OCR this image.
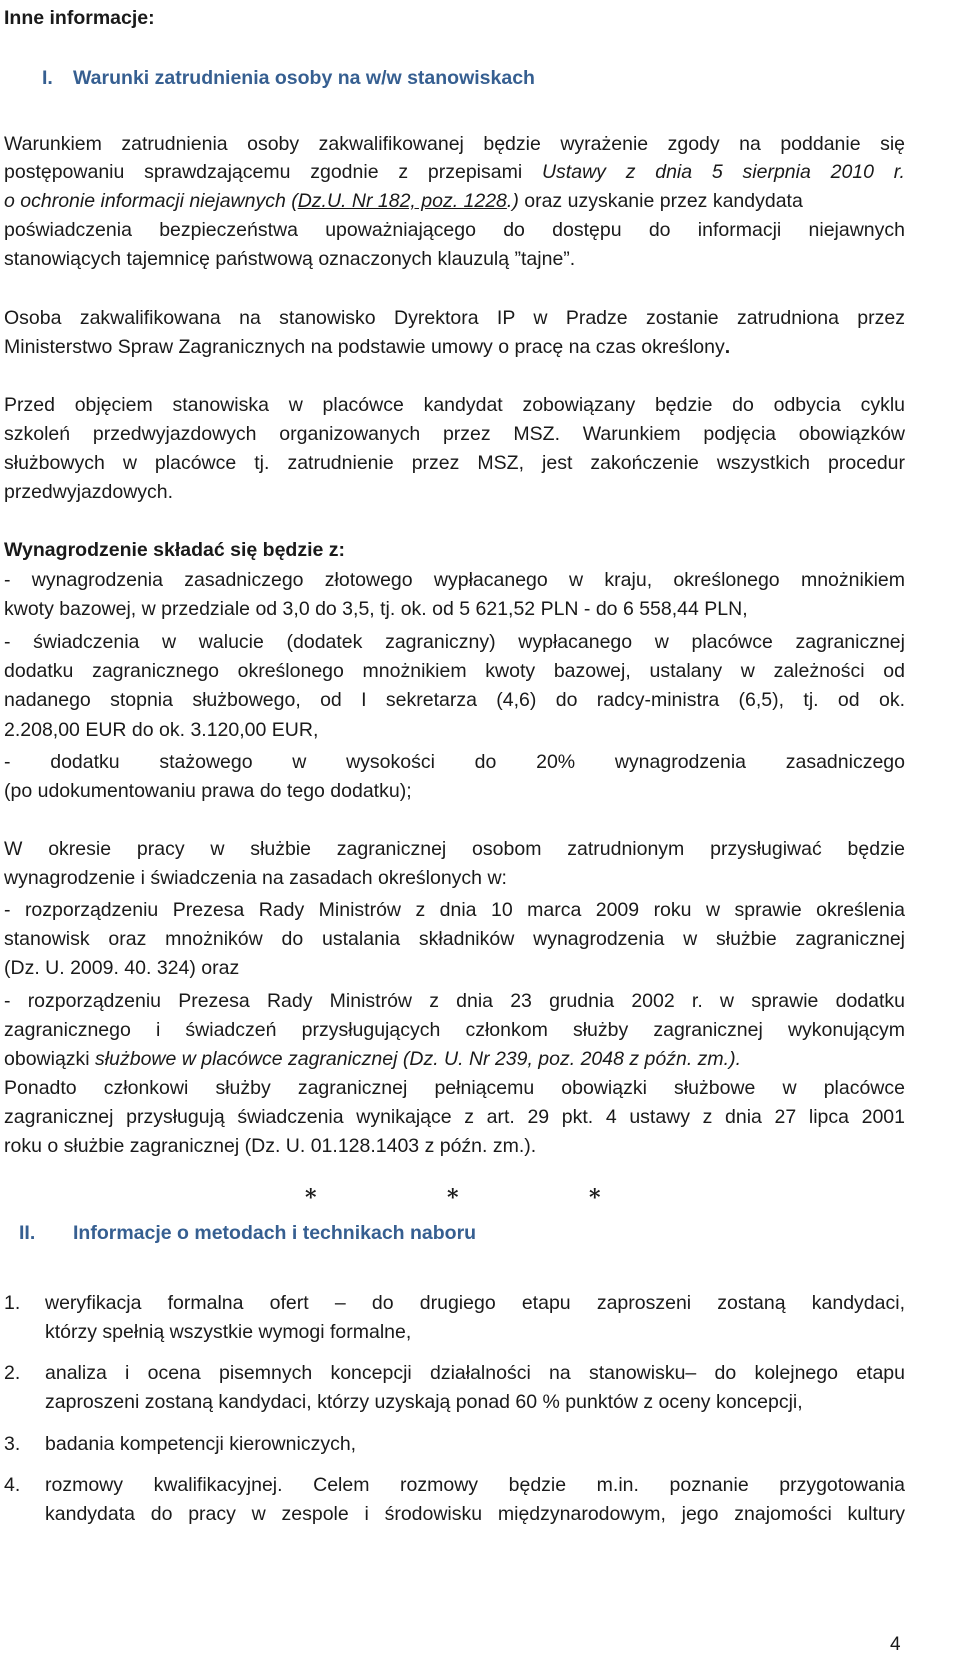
Inne informacje:
I. Warunki zatrudnienia osoby na w/w stanowiskach
Warunkiem zatrudnienia osoby zakwalifikowanej będzie wyrażenie zgody na poddanie się
postępowaniu sprawdzającemu zgodnie z przepisami Ustawy z dnia 5 sierpnia 2010 r.
o ochronie informacji niejawnych (Dz.U. Nr 182, poz. 1228.) oraz uzyskanie przez kandydata
poświadczenia bezpieczeństwa upoważniającego do dostępu do informacji niejawnych
stanowiących tajemnicę państwową oznaczonych klauzulą ”tajne”.
Osoba zakwalifikowana na stanowisko Dyrektora IP w Pradze zostanie zatrudniona przez
Ministerstwo Spraw Zagranicznych na podstawie umowy o pracę na czas określony.
Przed objęciem stanowiska w placówce kandydat zobowiązany będzie do odbycia cyklu
szkoleń przedwyjazdowych organizowanych przez MSZ. Warunkiem podjęcia obowiązków
służbowych w placówce tj. zatrudnienie przez MSZ, jest zakończenie wszystkich procedur
przedwyjazdowych.
Wynagrodzenie składać się będzie z:
- wynagrodzenia zasadniczego złotowego wypłacanego w kraju, określonego mnożnikiem
kwoty bazowej, w przedziale od 3,0 do 3,5, tj. ok. od 5 621,52 PLN - do 6 558,44 PLN,
- świadczenia w walucie (dodatek zagraniczny) wypłacanego w placówce zagranicznej
dodatku zagranicznego określonego mnożnikiem kwoty bazowej, ustalany w zależności od
nadanego stopnia służbowego, od I sekretarza (4,6) do radcy-ministra (6,5), tj. od ok.
2.208,00 EUR do ok. 3.120,00 EUR,
- dodatku stażowego w wysokości do 20% wynagrodzenia zasadniczego
(po udokumentowaniu prawa do tego dodatku);
W okresie pracy w służbie zagranicznej osobom zatrudnionym przysługiwać będzie
wynagrodzenie i świadczenia na zasadach określonych w:
- rozporządzeniu Prezesa Rady Ministrów z dnia 10 marca 2009 roku w sprawie określenia
stanowisk oraz mnożników do ustalania składników wynagrodzenia w służbie zagranicznej
(Dz. U. 2009. 40. 324) oraz
- rozporządzeniu Prezesa Rady Ministrów z dnia 23 grudnia 2002 r. w sprawie dodatku
zagranicznego i świadczeń przysługujących członkom służby zagranicznej wykonującym
obowiązki służbowe w placówce zagranicznej (Dz. U. Nr 239, poz. 2048 z późn. zm.).
Ponadto członkowi służby zagranicznej pełniącemu obowiązki służbowe w placówce
zagranicznej przysługują świadczenia wynikające z art. 29 pkt. 4 ustawy z dnia 27 lipca 2001
roku o służbie zagranicznej (Dz. U. 01.128.1403 z późn. zm.).
*	*	*
II. Informacje o metodach i technikach naboru
1. weryfikacja formalna ofert – do drugiego etapu zaproszeni zostaną kandydaci,
którzy spełnią wszystkie wymogi formalne,
2. analiza i ocena pisemnych koncepcji działalności na stanowisku– do kolejnego etapu
zaproszeni zostaną kandydaci, którzy uzyskają ponad 60 % punktów z oceny koncepcji,
3. badania kompetencji kierowniczych,
4. rozmowy kwalifikacyjnej. Celem rozmowy będzie m.in. poznanie przygotowania
kandydata do pracy w zespole i środowisku międzynarodowym, jego znajomości kultury
4
